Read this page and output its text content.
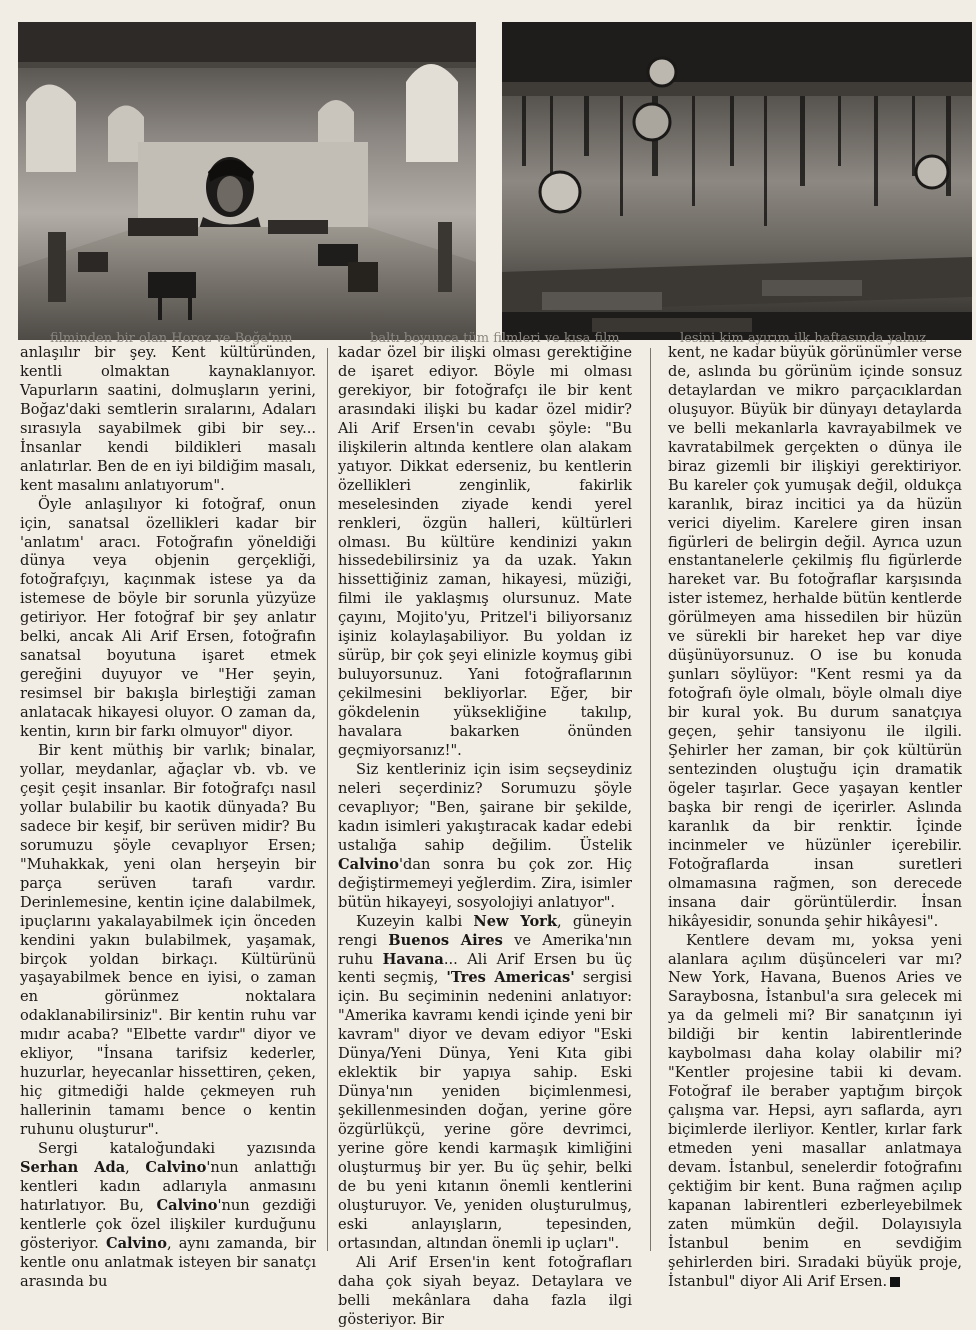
filminden bir olan Horoz ve Boğa'nın	baltı boyunca tüm filmleri ve kısa film	lesini kim ayırım ilk haftasında yalnız

anlaşılır bir şey. Kent kültüründen, kentli olmaktan kaynaklanıyor. Vapurların saatini, dolmuşların yerini, Boğaz'daki semtlerin sıralarını, Adaları sırasıyla sayabilmek gibi bir sey... İnsanlar kendi bildikleri masalı anlatırlar. Ben de en iyi bildiğim masalı, kent masalını anlatıyorum".

Öyle anlaşılıyor ki fotoğraf, onun için, sanatsal özellikleri kadar bir 'anlatım' aracı. Fotoğrafın yöneldiği dünya veya objenin gerçekliği, fotoğrafçıyı, kaçınmak istese ya da istemese de böyle bir sorunla yüzyüze getiriyor. Her fotoğraf bir şey anlatır belki, ancak Ali Arif Ersen, fotoğrafın sanatsal boyutuna işaret etmek gereğini duyuyor ve "Her şeyin, resimsel bir bakışla birleştiği zaman anlatacak hikayesi oluyor. O zaman da, kentin, kırın bir farkı olmuyor" diyor.

Bir kent müthiş bir varlık; binalar, yollar, meydanlar, ağaçlar vb. vb. ve çeşit çeşit insanlar. Bir fotoğrafçı nasıl yollar bulabilir bu kaotik dünyada? Bu sadece bir keşif, bir serüven midir? Bu sorumuzu şöyle cevaplıyor Ersen; "Muhakkak, yeni olan herşeyin bir parça serüven tarafı vardır. Derinlemesine, kentin içine dalabilmek, ipuçlarını yakalayabilmek için önceden kendini yakın bulabilmek, yaşamak, birçok yoldan birkaçı. Kültürünü yaşayabilmek bence en iyisi, o zaman en görünmez noktalara odaklanabilirsiniz". Bir kentin ruhu var mıdır acaba? "Elbette vardır" diyor ve ekliyor, "İnsana tarifsiz kederler, huzurlar, heyecanlar hissettiren, çeken, hiç gitmediği halde çekmeyen ruh hallerinin tamamı bence o kentin ruhunu oluşturur".

Sergi kataloğundaki yazısında Serhan Ada, Calvino'nun anlattığı kentleri kadın adlarıyla anmasını hatırlatıyor. Bu, Calvino'nun gezdiği kentlerle çok özel ilişkiler kurduğunu gösteriyor. Calvino, aynı zamanda, bir kentle onu anlatmak isteyen bir sanatçı arasında bu

kadar özel bir ilişki olması gerektiğine de işaret ediyor. Böyle mi olması gerekiyor, bir fotoğrafçı ile bir kent arasındaki ilişki bu kadar özel midir? Ali Arif Ersen'in cevabı şöyle: "Bu ilişkilerin altında kentlere olan alakam yatıyor. Dikkat ederseniz, bu kentlerin özellikleri zenginlik, fakirlik meselesinden ziyade kendi yerel renkleri, özgün halleri, kültürleri olması. Bu kültüre kendinizi yakın hissedebilirsiniz ya da uzak. Yakın hissettiğiniz zaman, hikayesi, müziği, filmi ile yaklaşmış olursunuz. Mate çayını, Mojito'yu, Pritzel'i biliyorsanız işiniz kolaylaşabiliyor. Bu yoldan iz sürüp, bir çok şeyi elinizle koymuş gibi buluyorsunuz. Yani fotoğraflarının çekilmesini bekliyorlar. Eğer, bir gökdelenin yüksekliğine takılıp, havalara bakarken önünden geçmiyorsanız!".

Siz kentleriniz için isim seçseydiniz neleri seçerdiniz? Sorumuzu şöyle cevaplıyor; "Ben, şairane bir şekilde, kadın isimleri yakıştıracak kadar edebi ustalığa sahip değilim. Üstelik Calvino'dan sonra bu çok zor. Hiç değiştirmemeyi yeğlerdim. Zira, isimler bütün hikayeyi, sosyolojiyi anlatıyor".

Kuzeyin kalbi New York, güneyin rengi Buenos Aires ve Amerika'nın ruhu Havana... Ali Arif Ersen bu üç kenti seçmiş, 'Tres Americas' sergisi için. Bu seçiminin nedenini anlatıyor: "Amerika kavramı kendi içinde yeni bir kavram" diyor ve devam ediyor "Eski Dünya/Yeni Dünya, Yeni Kıta gibi eklektik bir yapıya sahip. Eski Dünya'nın yeniden biçimlenmesi, şekillenmesinden doğan, yerine göre özgürlükçü, yerine göre devrimci, yerine göre kendi karmaşık kimliğini oluşturmuş bir yer. Bu üç şehir, belki de bu yeni kıtanın önemli kentlerini oluşturuyor. Ve, yeniden oluşturulmuş, eski anlayışların, tepesinden, ortasından, altından önemli ip uçları".

Ali Arif Ersen'in kent fotoğrafları daha çok siyah beyaz. Detaylara ve belli mekânlara daha fazla ilgi gösteriyor. Bir

kent, ne kadar büyük görünümler verse de, aslında bu görünüm içinde sonsuz detaylardan ve mikro parçacıklardan oluşuyor. Büyük bir dünyayı detaylarda ve belli mekanlarla kavrayabilmek ve kavratabilmek gerçekten o dünya ile biraz gizemli bir ilişkiyi gerektiriyor. Bu kareler çok yumuşak değil, oldukça karanlık, biraz incitici ya da hüzün verici diyelim. Karelere giren insan figürleri de belirgin değil. Ayrıca uzun enstantanelerle çekilmiş flu figürlerde hareket var. Bu fotoğraflar karşısında ister istemez, herhalde bütün kentlerde görülmeyen ama hissedilen bir hüzün ve sürekli bir hareket hep var diye düşünüyorsunuz. O ise bu konuda şunları söylüyor: "Kent resmi ya da fotoğrafı öyle olmalı, böyle olmalı diye bir kural yok. Bu durum sanatçıya geçen, şehir tansiyonu ile ilgili. Şehirler her zaman, bir çok kültürün sentezinden oluştuğu için dramatik ögeler taşırlar. Gece yaşayan kentler başka bir rengi de içerirler. Aslında karanlık da bir renktir. İçinde incinmeler ve hüzünler içerebilir. Fotoğraflarda insan suretleri olmamasına rağmen, son derecede insana dair görüntülerdir. İnsan hikâyesidir, sonunda şehir hikâyesi".

Kentlere devam mı, yoksa yeni alanlara açılım düşünceleri var mı? New York, Havana, Buenos Aries ve Saraybosna, İstanbul'a sıra gelecek mi ya da gelmeli mi? Bir sanatçının iyi bildiği bir kentin labirentlerinde kaybolması daha kolay olabilir mi? "Kentler projesine tabii ki devam. Fotoğraf ile beraber yaptığım birçok çalışma var. Hepsi, ayrı saflarda, ayrı biçimlerde ilerliyor. Kentler, kırlar fark etmeden yeni masallar anlatmaya devam. İstanbul, senelerdir fotoğrafını çektiğim bir kent. Buna rağmen açılıp kapanan labirentleri ezberleyebilmek zaten mümkün değil. Dolayısıyla İstanbul benim en sevdiğim şehirlerden biri. Sıradaki büyük proje, İstanbul" diyor Ali Arif Ersen.
